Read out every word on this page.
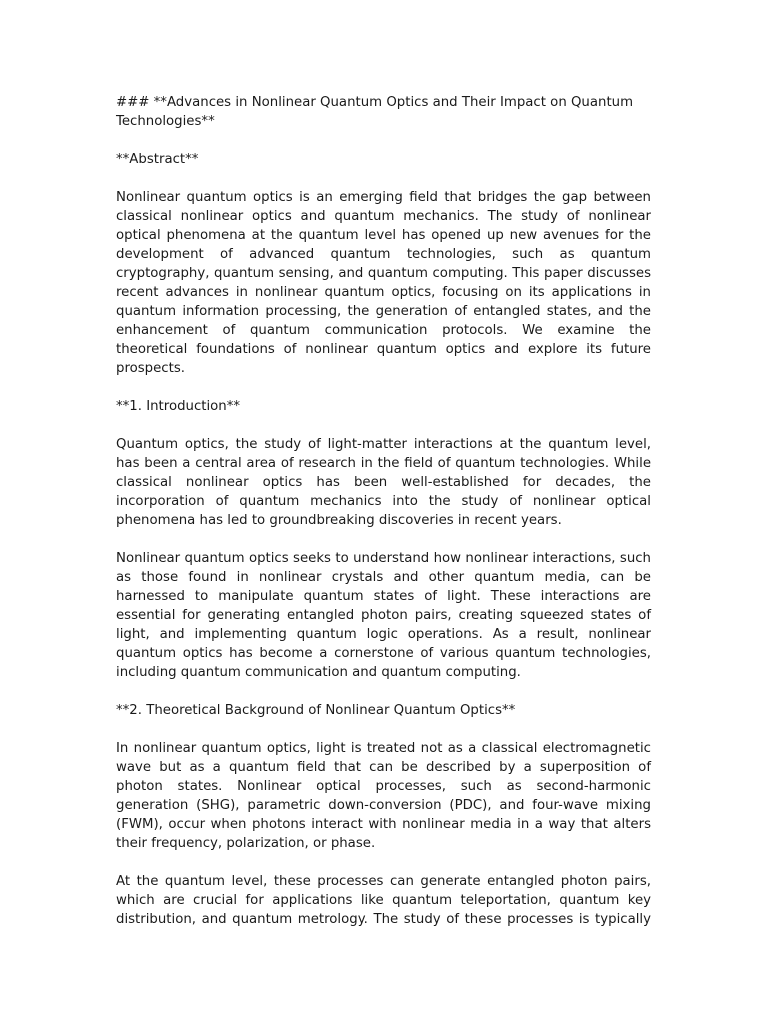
### **Advances in Nonlinear Quantum Optics and Their Impact on Quantum Technologies**
**Abstract**
Nonlinear quantum optics is an emerging field that bridges the gap between classical nonlinear optics and quantum mechanics. The study of nonlinear optical phenomena at the quantum level has opened up new avenues for the development of advanced quantum technologies, such as quantum cryptography, quantum sensing, and quantum computing. This paper discusses recent advances in nonlinear quantum optics, focusing on its applications in quantum information processing, the generation of entangled states, and the enhancement of quantum communication protocols. We examine the theoretical foundations of nonlinear quantum optics and explore its future prospects.
**1. Introduction**
Quantum optics, the study of light-matter interactions at the quantum level, has been a central area of research in the field of quantum technologies. While classical nonlinear optics has been well-established for decades, the incorporation of quantum mechanics into the study of nonlinear optical phenomena has led to groundbreaking discoveries in recent years.
Nonlinear quantum optics seeks to understand how nonlinear interactions, such as those found in nonlinear crystals and other quantum media, can be harnessed to manipulate quantum states of light. These interactions are essential for generating entangled photon pairs, creating squeezed states of light, and implementing quantum logic operations. As a result, nonlinear quantum optics has become a cornerstone of various quantum technologies, including quantum communication and quantum computing.
**2. Theoretical Background of Nonlinear Quantum Optics**
In nonlinear quantum optics, light is treated not as a classical electromagnetic wave but as a quantum field that can be described by a superposition of photon states. Nonlinear optical processes, such as second-harmonic generation (SHG), parametric down-conversion (PDC), and four-wave mixing (FWM), occur when photons interact with nonlinear media in a way that alters their frequency, polarization, or phase.
At the quantum level, these processes can generate entangled photon pairs, which are crucial for applications like quantum teleportation, quantum key distribution, and quantum metrology. The study of these processes is typically
